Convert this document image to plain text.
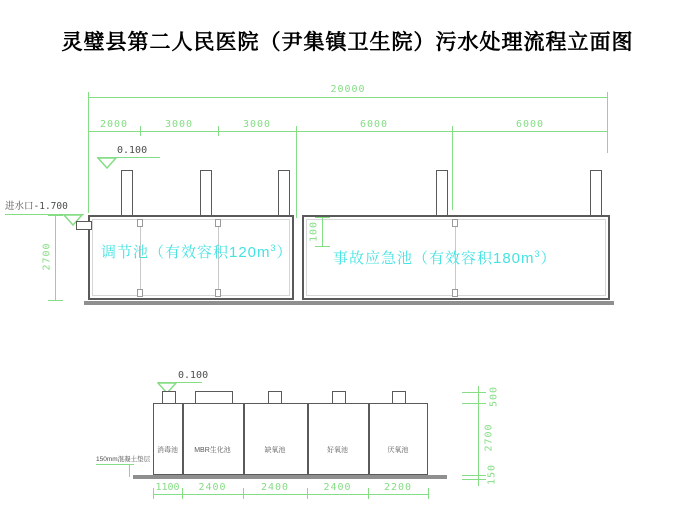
灵璧县第二人民医院（尹集镇卫生院）污水处理流程立面图
20000
2000	3000	3000	6000	6000
0.100
进水口-1.700
2700
100
调节池（有效容积$120m^3$）	事故应急池（有效容积$180m^3$）
0.100
消毒池	MBR生化池	缺氧池	好氧池	厌氧池
150mm混凝土垫层
500
2700
150
1100	2400	2400	2400	2200
